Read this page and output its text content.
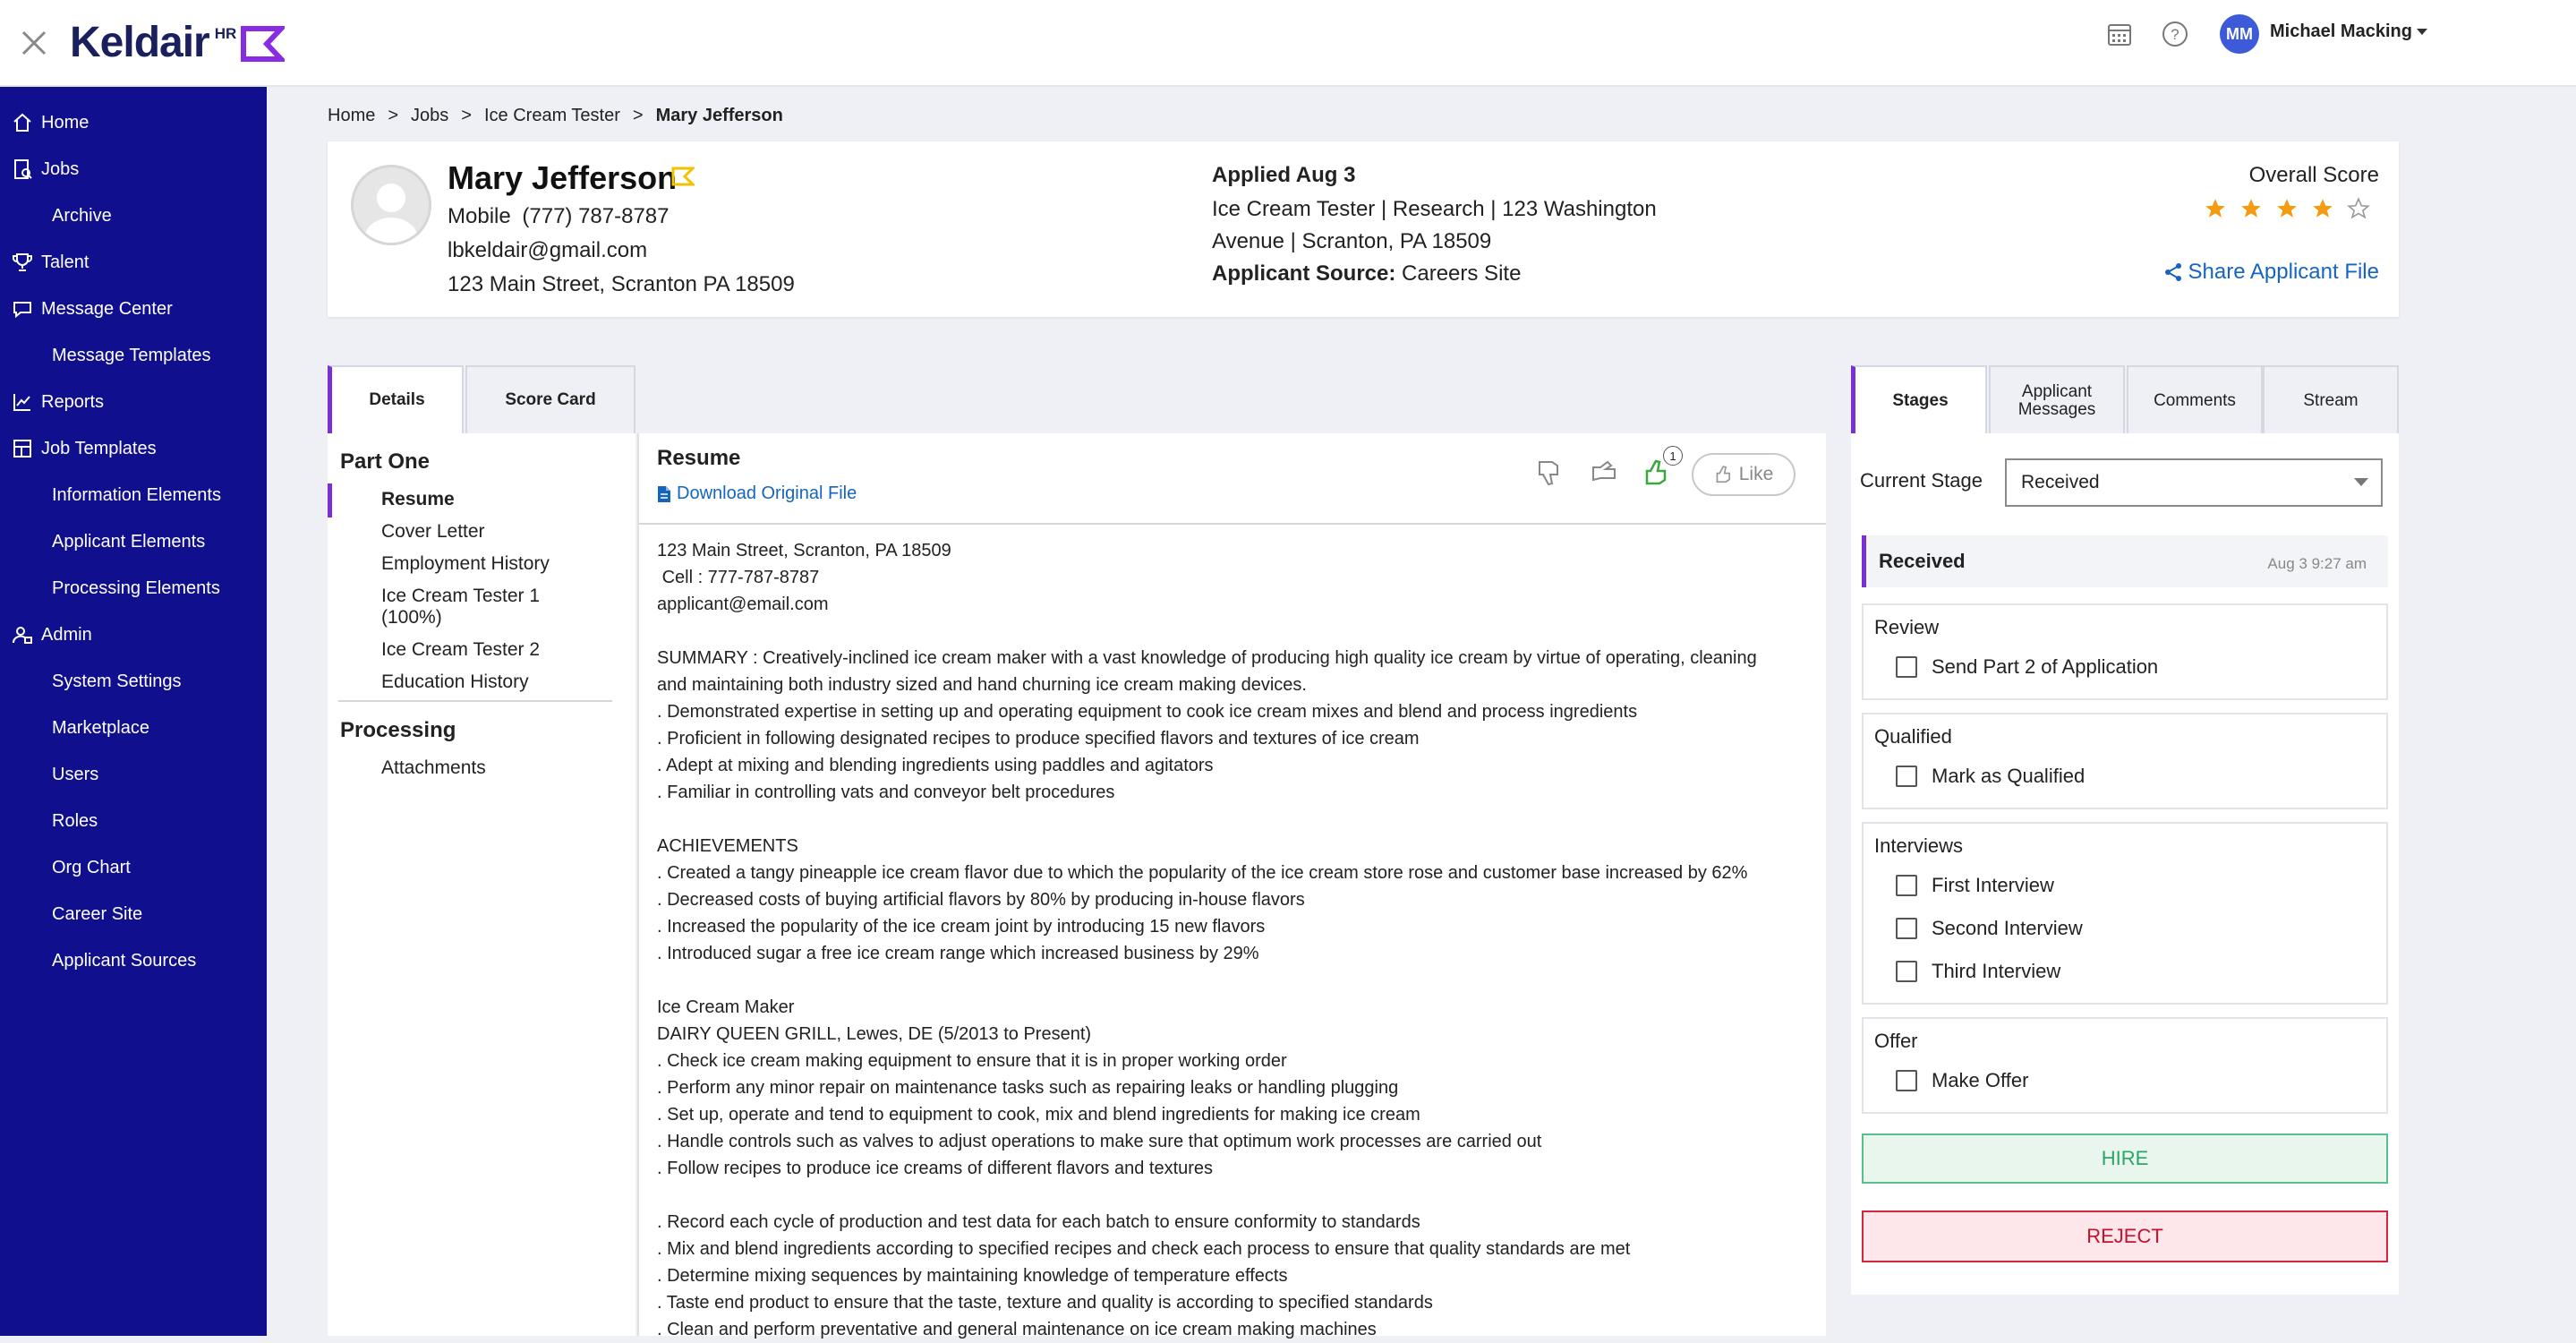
Keldair HR	?	MM Michael Macking
Home
Jobs
Archive
Talent
Message Center
Message Templates
Reports
Job Templates
Information Elements
Applicant Elements
Processing Elements
Admin
System Settings
Marketplace
Users
Roles
Org Chart
Career Site
Applicant Sources
Home > Jobs > Ice Cream Tester > Mary Jefferson
Mary Jefferson
Mobile (777) 787-8787
lbkeldair@gmail.com
123 Main Street, Scranton PA 18509
Applied Aug 3
Ice Cream Tester | Research | 123 Washington
Avenue | Scranton, PA 18509
Applicant Source: Careers Site
Overall Score
Share Applicant File
Details	Score Card
Part One
Resume
Cover Letter
Employment History
Ice Cream Tester 1 (100%)
Ice Cream Tester 2
Education History
Processing
Attachments
Resume
Download Original File
1
Like
123 Main Street, Scranton, PA 18509
Cell : 777-787-8787
applicant@email.com

SUMMARY : Creatively-inclined ice cream maker with a vast knowledge of producing high quality ice cream by virtue of operating, cleaning
and maintaining both industry sized and hand churning ice cream making devices.
. Demonstrated expertise in setting up and operating equipment to cook ice cream mixes and blend and process ingredients
. Proficient in following designated recipes to produce specified flavors and textures of ice cream
. Adept at mixing and blending ingredients using paddles and agitators
. Familiar in controlling vats and conveyor belt procedures

ACHIEVEMENTS
. Created a tangy pineapple ice cream flavor due to which the popularity of the ice cream store rose and customer base increased by 62%
. Decreased costs of buying artificial flavors by 80% by producing in-house flavors
. Increased the popularity of the ice cream joint by introducing 15 new flavors
. Introduced sugar a free ice cream range which increased business by 29%

Ice Cream Maker
DAIRY QUEEN GRILL, Lewes, DE (5/2013 to Present)
. Check ice cream making equipment to ensure that it is in proper working order
. Perform any minor repair on maintenance tasks such as repairing leaks or handling plugging
. Set up, operate and tend to equipment to cook, mix and blend ingredients for making ice cream
. Handle controls such as valves to adjust operations to make sure that optimum work processes are carried out
. Follow recipes to produce ice creams of different flavors and textures

. Record each cycle of production and test data for each batch to ensure conformity to standards
. Mix and blend ingredients according to specified recipes and check each process to ensure that quality standards are met
. Determine mixing sequences by maintaining knowledge of temperature effects
. Taste end product to ensure that the taste, texture and quality is according to specified standards
. Clean and perform preventative and general maintenance on ice cream making machines
Stages	Applicant Messages	Comments	Stream
Current Stage Received
Received	Aug 3 9:27 am
Review
Send Part 2 of Application
Qualified
Mark as Qualified
Interviews
First Interview
Second Interview
Third Interview
Offer
Make Offer
HIRE
REJECT
